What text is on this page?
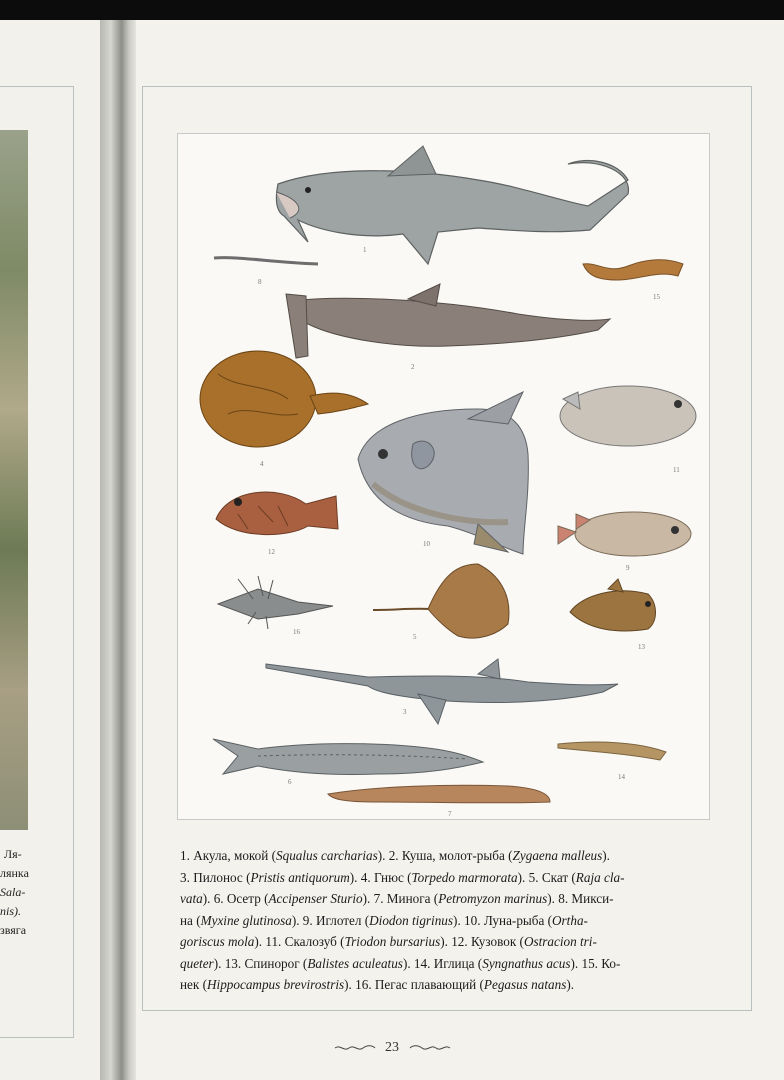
Ля-
лянка
Sala-
nis).
звяга
1
8
15
2
4
11
10
12
9
16
5
13
3
6
14
7
1. Акула, мокой (Squalus carcharias). 2. Куша, молот-рыба (Zygaena malleus).
3. Пилонос (Pristis antiquorum). 4. Гнюс (Torpedo marmorata). 5. Скат (Raja cla-
vata). 6. Осетр (Accipenser Sturio). 7. Минога (Petromyzon marinus). 8. Микси-
на (Myxine glutinosa). 9. Иглотел (Diodon tigrinus). 10. Луна-рыба (Ortha-
goriscus mola). 11. Скалозуб (Triodon bursarius). 12. Кузовок (Ostracion tri-
queter). 13. Спинорог (Balistes aculeatus). 14. Иглица (Syngnathus acus). 15. Ко-
нек (Hippocampus brevirostris). 16. Пегас плавающий (Pegasus natans).
23
